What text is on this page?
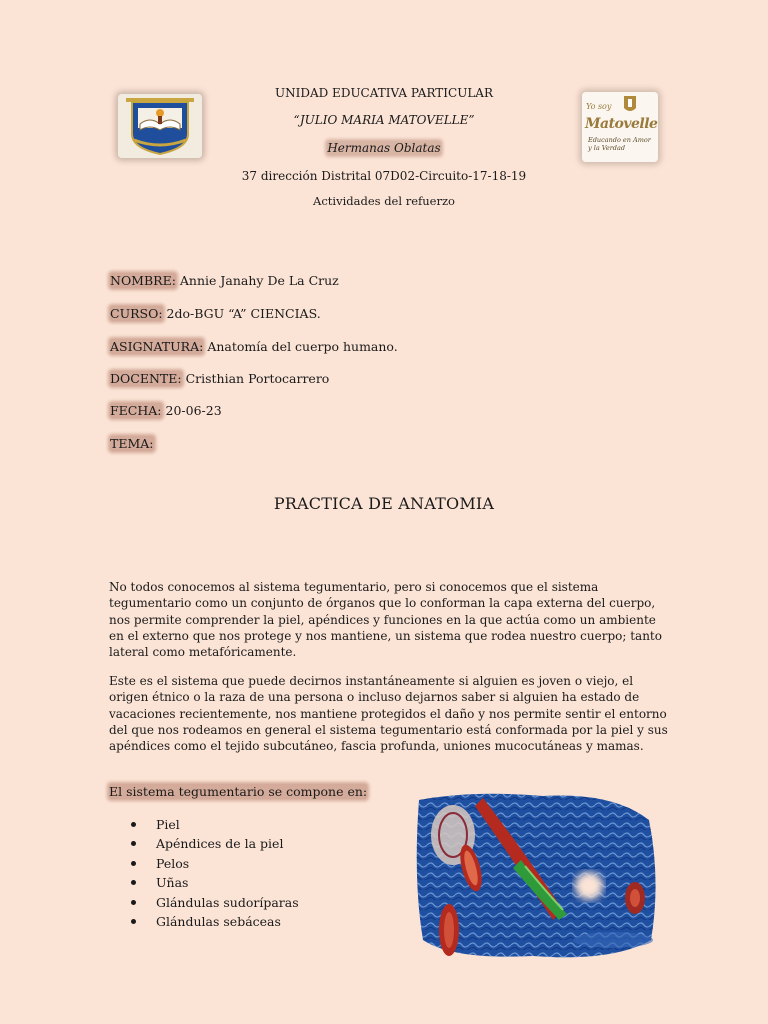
Yo soy
Matovelle
Educando en Amor y la Verdad
UNIDAD EDUCATIVA PARTICULAR
“JULIO MARIA MATOVELLE”
Hermanas Oblatas
37 dirección Distrital 07D02-Circuito-17-18-19
Actividades del refuerzo
NOMBRE: Annie Janahy De La Cruz
CURSO: 2do-BGU “A” CIENCIAS.
ASIGNATURA: Anatomía del cuerpo humano.
DOCENTE: Cristhian Portocarrero
FECHA: 20-06-23
TEMA:
PRACTICA DE ANATOMIA

No todos conocemos al sistema tegumentario, pero si conocemos que el sistema tegumentario como un conjunto de órganos que lo conforman la capa externa del cuerpo, nos permite comprender la piel, apéndices y funciones en la que actúa como un ambiente en el externo que nos protege y nos mantiene, un sistema que rodea nuestro cuerpo; tanto lateral como metafóricamente.

Este es el sistema que puede decirnos instantáneamente si alguien es joven o viejo, el origen étnico o la raza de una persona o incluso dejarnos saber si alguien ha estado de vacaciones recientemente, nos mantiene protegidos el daño y nos permite sentir el entorno del que nos rodeamos en general el sistema tegumentario está conformada por la piel y sus apéndices como el tejido subcutáneo, fascia profunda, uniones mucocutáneas y mamas.

El sistema tegumentario se compone en:
Piel
Apéndices de la piel
Pelos
Uñas
Glándulas sudoríparas
Glándulas sebáceas
